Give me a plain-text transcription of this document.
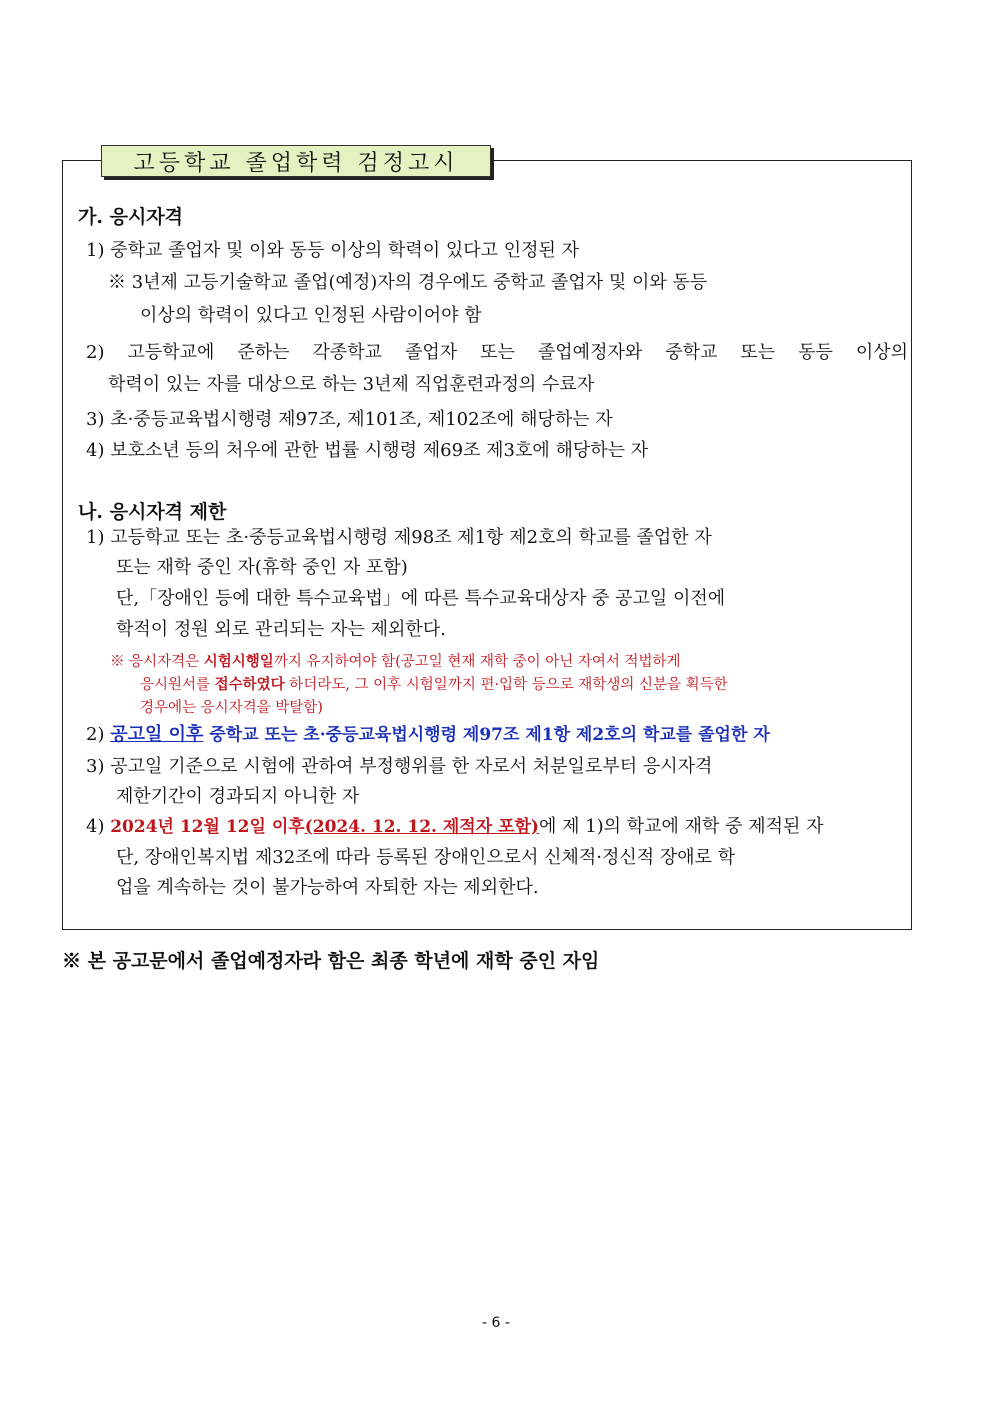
고등학교 졸업학력 검정고시
가. 응시자격
1) 중학교 졸업자 및 이와 동등 이상의 학력이 있다고 인정된 자
※ 3년제 고등기술학교 졸업(예정)자의 경우에도 중학교 졸업자 및 이와 동등
이상의 학력이 있다고 인정된 사람이어야 함
2) 고등학교에 준하는 각종학교 졸업자 또는 졸업예정자와 중학교 또는 동등 이상의
학력이 있는 자를 대상으로 하는 3년제 직업훈련과정의 수료자
3) 초·중등교육법시행령 제97조, 제101조, 제102조에 해당하는 자
4) 보호소년 등의 처우에 관한 법률 시행령 제69조 제3호에 해당하는 자
나. 응시자격 제한
1) 고등학교 또는 초·중등교육법시행령 제98조 제1항 제2호의 학교를 졸업한 자
또는 재학 중인 자(휴학 중인 자 포함)
단,「장애인 등에 대한 특수교육법」에 따른 특수교육대상자 중 공고일 이전에
학적이 정원 외로 관리되는 자는 제외한다.
※ 응시자격은 시험시행일까지 유지하여야 함(공고일 현재 재학 중이 아닌 자여서 적법하게
응시원서를 접수하였다 하더라도, 그 이후 시험일까지 편·입학 등으로 재학생의 신분을 획득한
경우에는 응시자격을 박탈함)
2) 공고일 이후 중학교 또는 초·중등교육법시행령 제97조 제1항 제2호의 학교를 졸업한 자
3) 공고일 기준으로 시험에 관하여 부정행위를 한 자로서 처분일로부터 응시자격
제한기간이 경과되지 아니한 자
4) 2024년 12월 12일 이후(2024. 12. 12. 제적자 포함)에 제 1)의 학교에 재학 중 제적된 자
단, 장애인복지법 제32조에 따라 등록된 장애인으로서 신체적·정신적 장애로 학
업을 계속하는 것이 불가능하여 자퇴한 자는 제외한다.
※ 본 공고문에서 졸업예정자라 함은 최종 학년에 재학 중인 자임
- 6 -
